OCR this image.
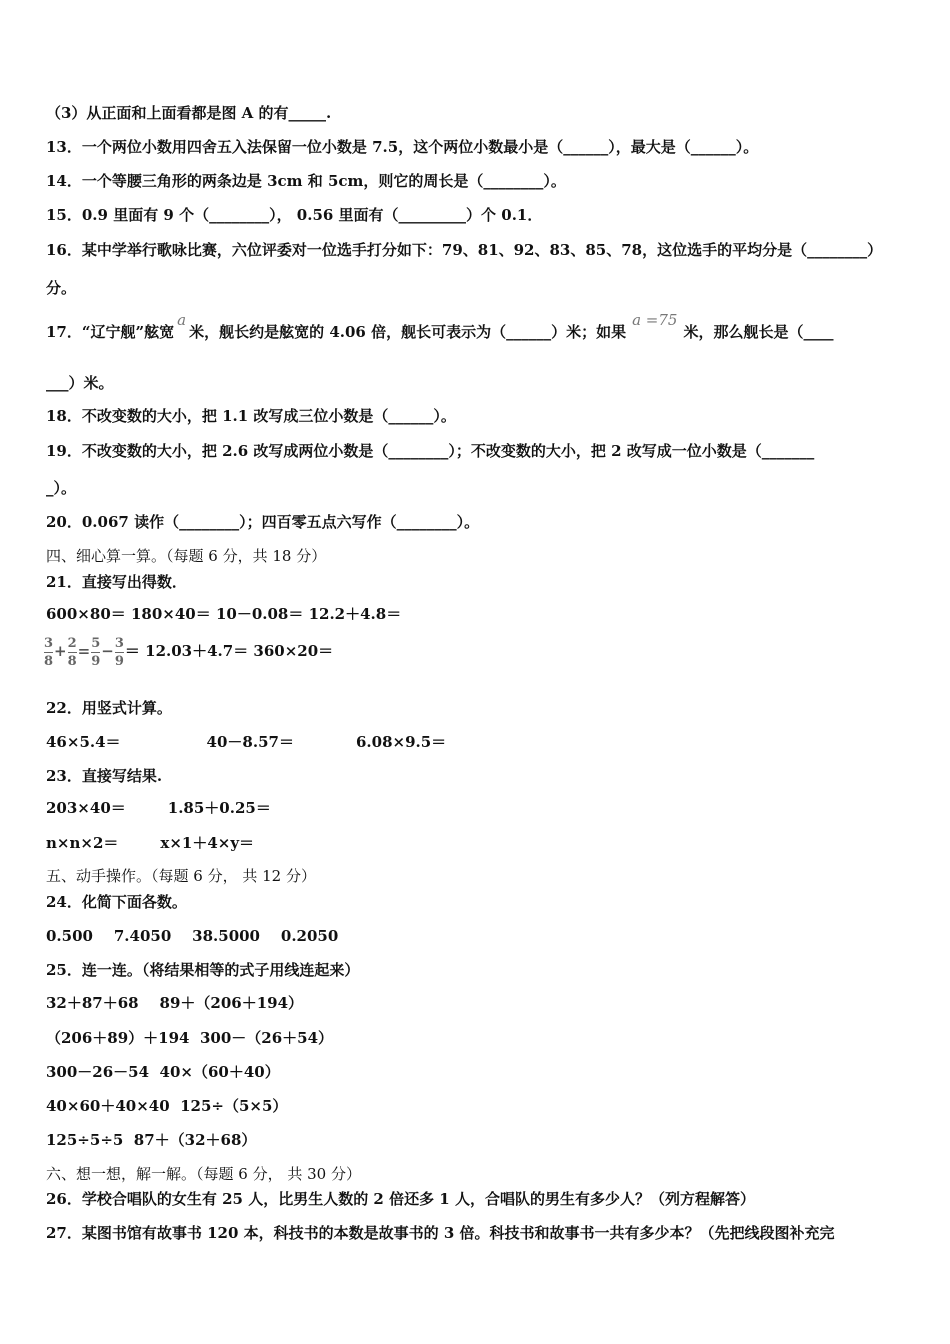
（3）从正面和上面看都是图 A 的有_____.
13．一个两位小数用四舍五入法保留一位小数是 7.5，这个两位小数最小是（______），最大是（______）。
14．一个等腰三角形的两条边是 3cm 和 5cm，则它的周长是（________）。
15．0.9 里面有 9 个（________）， 0.56 里面有（_________）个 0.1．
16．某中学举行歌咏比赛，六位评委对一位选手打分如下：79、81、92、83、85、78，这位选手的平均分是（________）
分。
17．“辽宁舰”舷宽a米，舰长约是舷宽的 4.06 倍，舰长可表示为（______）米；如果a =75米，那么舰长是（____
___）米。
18．不改变数的大小，把 1.1 改写成三位小数是（______）。
19．不改变数的大小，把 2.6 改写成两位小数是（________）；不改变数的大小，把 2 改写成一位小数是（_______
_）。
20．0.067 读作（________）；四百零五点六写作（________）。
四、细心算一算。（每题 6 分，共 18 分）
21．直接写出得数．
600×80＝ 180×40＝ 10－0.08＝ 12.2＋4.8＝
$\frac{3}{8} + \frac{2}{8} = \frac{5}{9} - \frac{3}{9} = 12.03+4.7= 360\times 20=$
22．用竖式计算。
46×5.4＝	40－8.57＝	6.08×9.5＝
23．直接写结果.
203×40＝	1.85＋0.25＝
n×n×2＝	x×1＋4×y＝
五、动手操作。（每题 6 分， 共 12 分）
24．化简下面各数。
0.500    7.4050    38.5000    0.2050
25．连一连。（将结果相等的式子用线连起来）
32＋87＋68    89＋（206＋194）
（206＋89）＋194  300－（26＋54）
300－26－54  40×（60＋40）
40×60＋40×40  125÷（5×5）
125÷5÷5  87＋（32＋68）
六、想一想，解一解。（每题 6 分， 共 30 分）
26．学校合唱队的女生有 25 人，比男生人数的 2 倍还多 1 人，合唱队的男生有多少人？（列方程解答）
27．某图书馆有故事书 120 本，科技书的本数是故事书的 3 倍。科技书和故事书一共有多少本？（先把线段图补充完
